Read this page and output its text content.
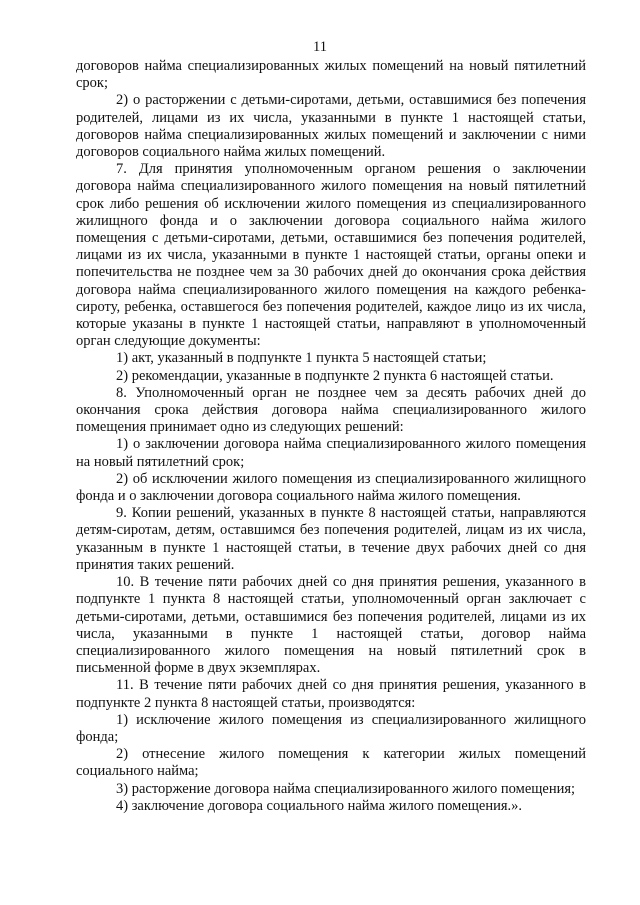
11

договоров найма специализированных жилых помещений на новый пятилетний срок;

2) о расторжении с детьми-сиротами, детьми, оставшимися без попечения родителей, лицами из их числа, указанными в пункте 1 настоящей статьи, договоров найма специализированных жилых помещений и заключении с ними договоров социального найма жилых помещений.

7. Для принятия уполномоченным органом решения о заключении договора найма специализированного жилого помещения на новый пятилетний срок либо решения об исключении жилого помещения из специализированного жилищного фонда и о заключении договора социального найма жилого помещения с детьми-сиротами, детьми, оставшимися без попечения родителей, лицами из их числа, указанными в пункте 1 настоящей статьи, органы опеки и попечительства не позднее чем за 30 рабочих дней до окончания срока действия договора найма специализированного жилого помещения на каждого ребенка-сироту, ребенка, оставшегося без попечения родителей, каждое лицо из их числа, которые указаны в пункте 1 настоящей статьи, направляют в уполномоченный орган следующие документы:

1) акт, указанный в подпункте 1 пункта 5 настоящей статьи;

2) рекомендации, указанные в подпункте 2 пункта 6 настоящей статьи.

8. Уполномоченный орган не позднее чем за десять рабочих дней до окончания срока действия договора найма специализированного жилого помещения принимает одно из следующих решений:

1) о заключении договора найма специализированного жилого помещения на новый пятилетний срок;

2) об исключении жилого помещения из специализированного жилищного фонда и о заключении договора социального найма жилого помещения.

9. Копии решений, указанных в пункте 8 настоящей статьи, направляются детям-сиротам, детям, оставшимся без попечения родителей, лицам из их числа, указанным в пункте 1 настоящей статьи, в течение двух рабочих дней со дня принятия таких решений.

10. В течение пяти рабочих дней со дня принятия решения, указанного в подпункте 1 пункта 8 настоящей статьи, уполномоченный орган заключает с детьми-сиротами, детьми, оставшимися без попечения родителей, лицами из их числа, указанными в пункте 1 настоящей статьи, договор найма специализированного жилого помещения на новый пятилетний срок в письменной форме в двух экземплярах.

11. В течение пяти рабочих дней со дня принятия решения, указанного в подпункте 2 пункта 8 настоящей статьи, производятся:

1) исключение жилого помещения из специализированного жилищного фонда;

2) отнесение жилого помещения к категории жилых помещений социального найма;

3) расторжение договора найма специализированного жилого помещения;

4) заключение договора социального найма жилого помещения.».
